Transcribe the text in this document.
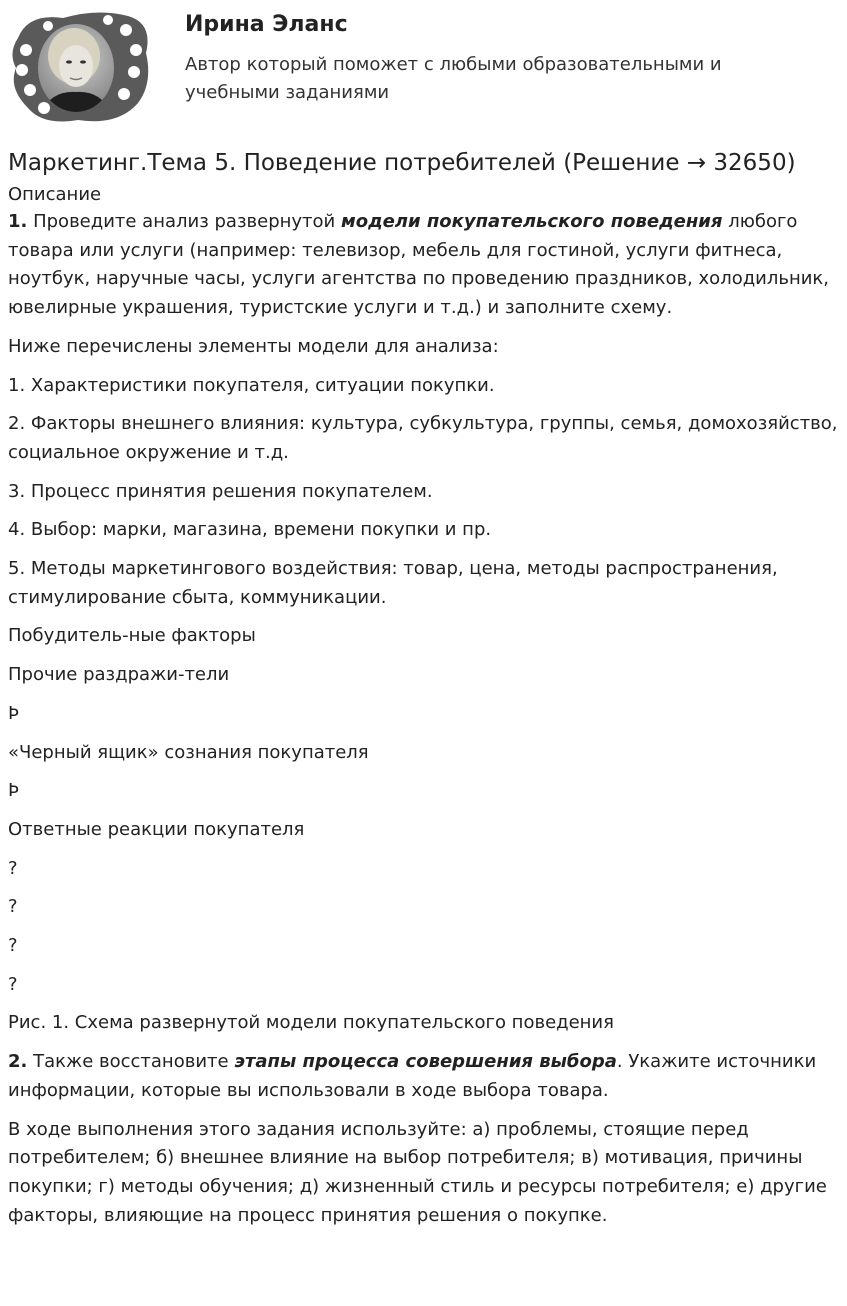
Ирина Эланс

Автор который поможет с любыми образовательными и учебными заданиями

Маркетинг.Тема 5. Поведение потребителей (Решение → 32650)
Описание

1. Проведите анализ развернутой модели покупательского поведения любого товара или услуги (например: телевизор, мебель для гостиной, услуги фитнеса, ноутбук, наручные часы, услуги агентства по проведению праздников, холодильник, ювелирные украшения, туристские услуги и т.д.) и заполните схему.

Ниже перечислены элементы модели для анализа:

1. Характеристики покупателя, ситуации покупки.

2. Факторы внешнего влияния: культура, субкультура, группы, семья, домохозяйство, социальное окружение и т.д.

3. Процесс принятия решения покупателем.

4. Выбор: марки, магазина, времени покупки и пр.

5. Методы маркетингового воздействия: товар, цена, методы распространения, стимулирование сбыта, коммуникации.

Побудитель-ные факторы

Прочие раздражи-тели

Þ

«Черный ящик» сознания покупателя

Þ

Ответные реакции покупателя

?

?

?

?

Рис. 1. Схема развернутой модели покупательского поведения

2. Также восстановите этапы процесса совершения выбора. Укажите источники информации, которые вы использовали в ходе выбора товара.

В ходе выполнения этого задания используйте: а) проблемы, стоящие перед потребителем; б) внешнее влияние на выбор потребителя; в) мотивация, причины покупки; г) методы обучения; д) жизненный стиль и ресурсы потребителя; е) другие факторы, влияющие на процесс принятия решения о покупке.
